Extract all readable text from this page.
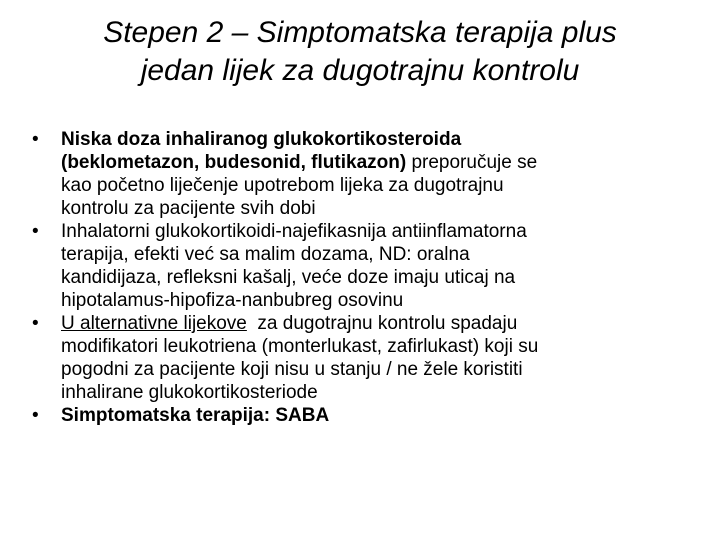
Stepen 2 – Simptomatska terapija plus
jedan lijek za dugotrajnu kontrolu
• Niska doza inhaliranog glukokortikosteroida
(beklometazon, budesonid, flutikazon) preporučuje se
kao početno liječenje upotrebom lijeka za dugotrajnu
kontrolu za pacijente svih dobi
• Inhalatorni glukokortikoidi-najefikasnija antiinflamatorna
terapija, efekti već sa malim dozama, ND: oralna
kandidijaza, refleksni kašalj, veće doze imaju uticaj na
hipotalamus-hipofiza-nanbubreg osovinu
• U alternativne lijekove  za dugotrajnu kontrolu spadaju
modifikatori leukotriena (monterlukast, zafirlukast) koji su
pogodni za pacijente koji nisu u stanju / ne žele koristiti
inhalirane glukokortikosteriode
• Simptomatska terapija: SABA
